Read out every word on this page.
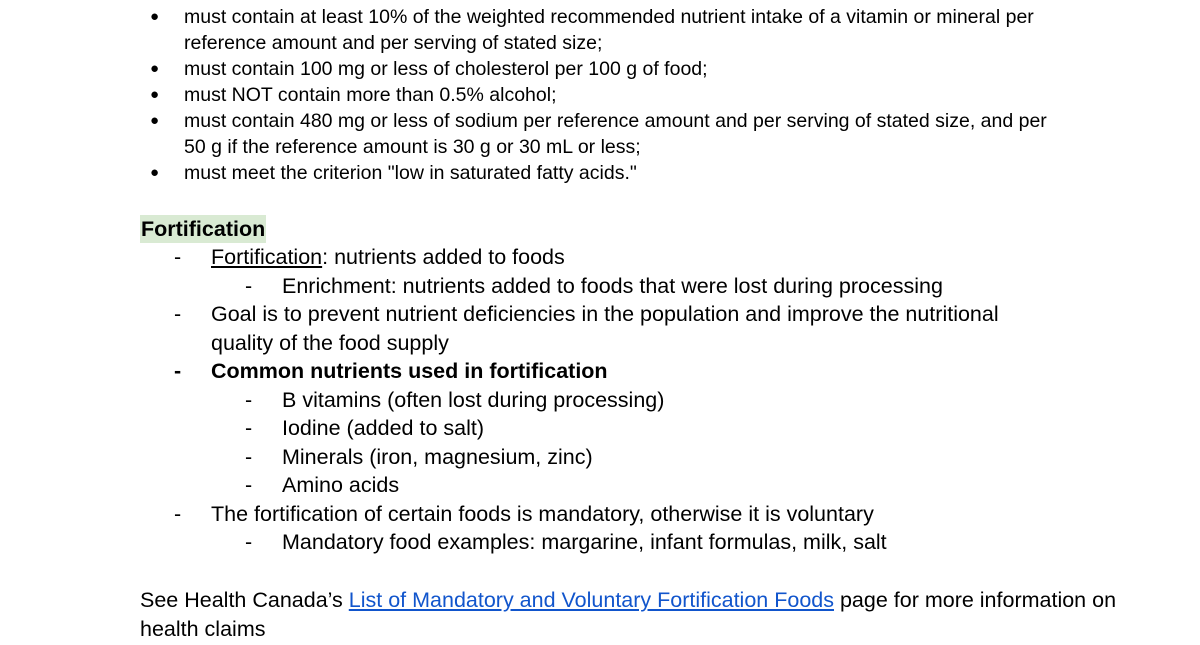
● must contain at least 10% of the weighted recommended nutrient intake of a vitamin or mineral per reference amount and per serving of stated size;
● must contain 100 mg or less of cholesterol per 100 g of food;
● must NOT contain more than 0.5% alcohol;
● must contain 480 mg or less of sodium per reference amount and per serving of stated size, and per 50 g if the reference amount is 30 g or 30 mL or less;
● must meet the criterion "low in saturated fatty acids."
Fortification
- Fortification: nutrients added to foods
- Enrichment: nutrients added to foods that were lost during processing
- Goal is to prevent nutrient deficiencies in the population and improve the nutritional quality of the food supply
- Common nutrients used in fortification
- B vitamins (often lost during processing)
- Iodine (added to salt)
- Minerals (iron, magnesium, zinc)
- Amino acids
- The fortification of certain foods is mandatory, otherwise it is voluntary
- Mandatory food examples: margarine, infant formulas, milk, salt
See Health Canada’s List of Mandatory and Voluntary Fortification Foods page for more information on health claims
